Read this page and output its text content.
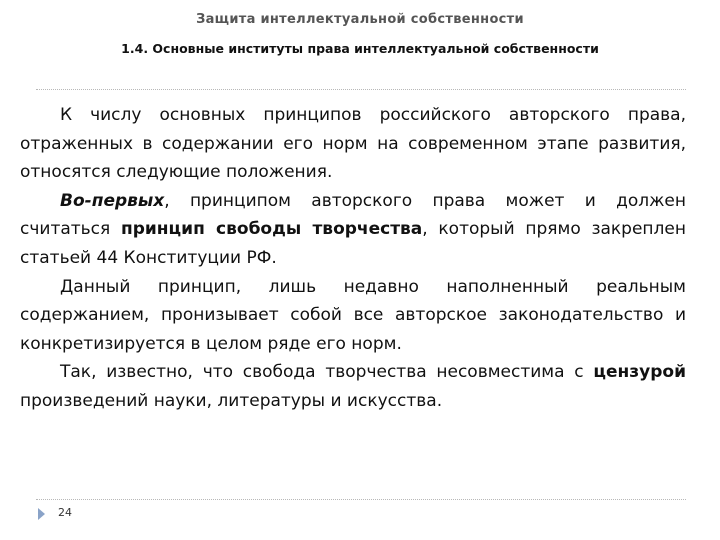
Защита интеллектуальной собственности
1.4. Основные институты права интеллектуальной собственности

К числу основных принципов российского авторского права, отраженных в содержании его норм на современном этапе развития, относятся следующие положения.

Во-первых, принципом авторского права может и должен считаться принцип свободы творчества, который прямо закреплен статьей 44 Конституции РФ.

Данный принцип, лишь недавно наполненный реальным содержанием, пронизывает собой все авторское законодательство и конкретизируется в целом ряде его норм.

Так, известно, что свобода творчества несовместима с цензурой произведений науки, литературы и искусства.

24
